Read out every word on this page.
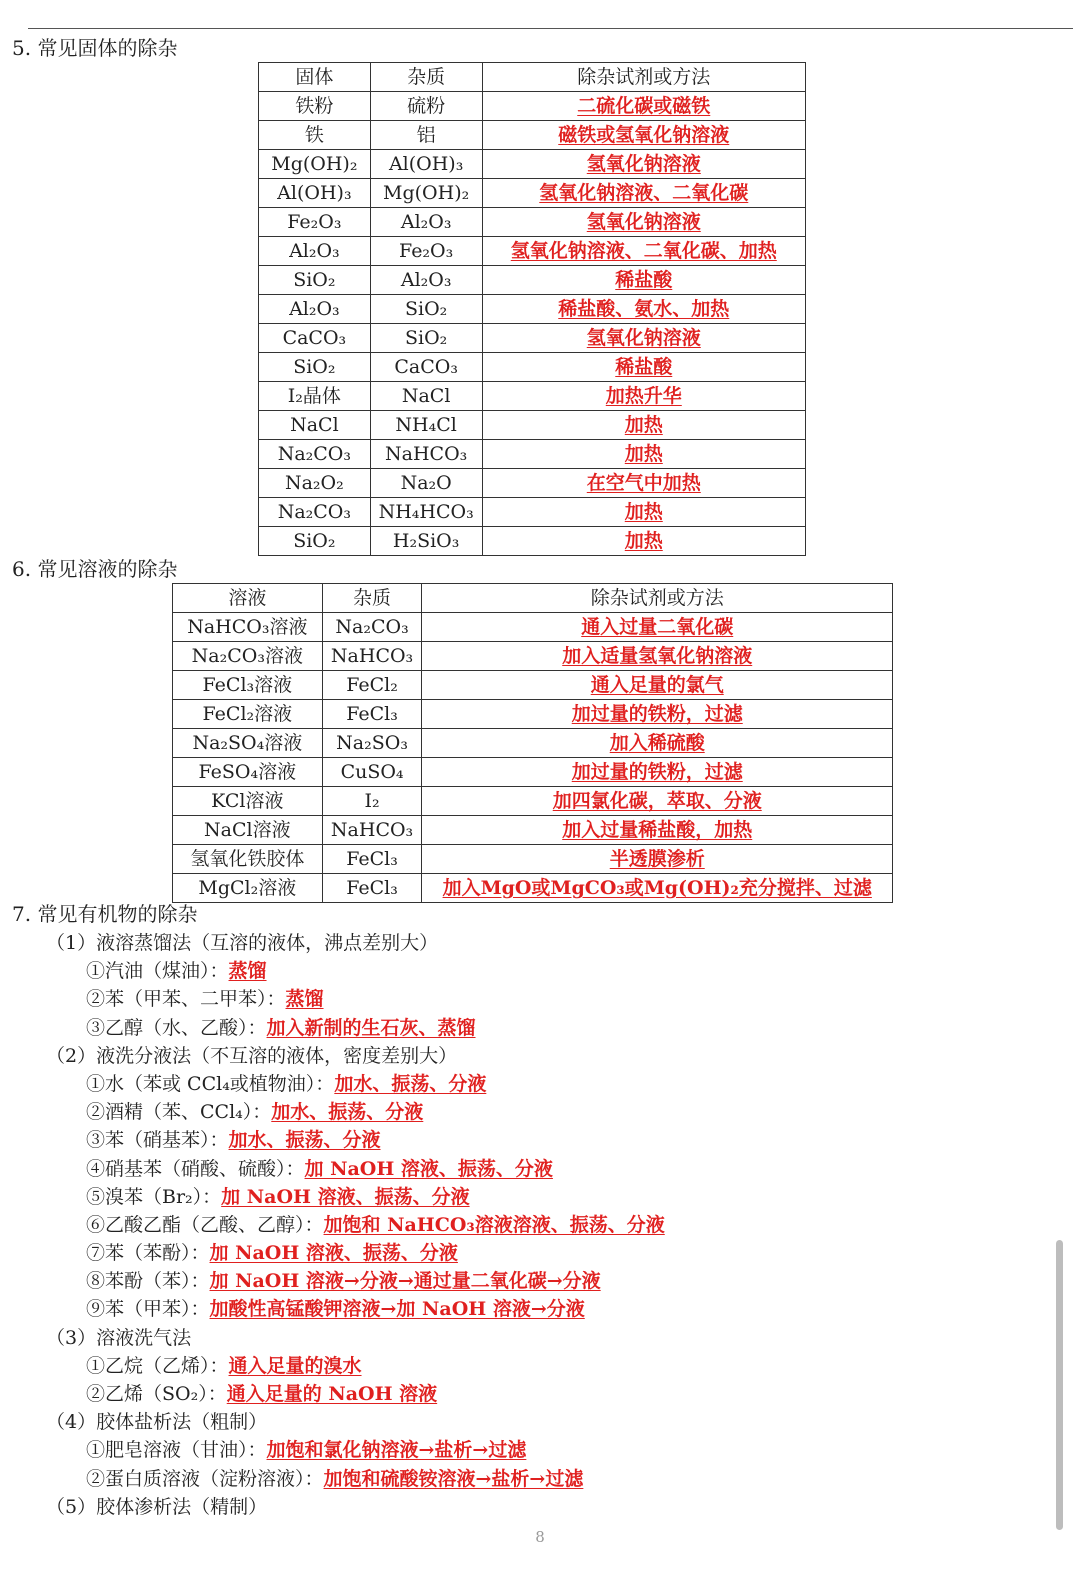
5. 常见固体的除杂
固体	杂质	除杂试剂或方法
铁粉	硫粉	二硫化碳或磁铁
铁	铝	磁铁或氢氧化钠溶液
Mg(OH)₂	Al(OH)₃	氢氧化钠溶液
Al(OH)₃	Mg(OH)₂	氢氧化钠溶液、二氧化碳
Fe₂O₃	Al₂O₃	氢氧化钠溶液
Al₂O₃	Fe₂O₃	氢氧化钠溶液、二氧化碳、加热
SiO₂	Al₂O₃	稀盐酸
Al₂O₃	SiO₂	稀盐酸、氨水、加热
CaCO₃	SiO₂	氢氧化钠溶液
SiO₂	CaCO₃	稀盐酸
I₂晶体	NaCl	加热升华
NaCl	NH₄Cl	加热
Na₂CO₃	NaHCO₃	加热
Na₂O₂	Na₂O	在空气中加热
Na₂CO₃	NH₄HCO₃	加热
SiO₂	H₂SiO₃	加热
6. 常见溶液的除杂
溶液	杂质	除杂试剂或方法
NaHCO₃溶液	Na₂CO₃	通入过量二氧化碳
Na₂CO₃溶液	NaHCO₃	加入适量氢氧化钠溶液
FeCl₃溶液	FeCl₂	通入足量的氯气
FeCl₂溶液	FeCl₃	加过量的铁粉，过滤
Na₂SO₄溶液	Na₂SO₃	加入稀硫酸
FeSO₄溶液	CuSO₄	加过量的铁粉，过滤
KCl溶液	I₂	加四氯化碳，萃取、分液
NaCl溶液	NaHCO₃	加入过量稀盐酸，加热
氢氧化铁胶体	FeCl₃	半透膜渗析
MgCl₂溶液	FeCl₃	加入MgO或MgCO₃或Mg(OH)₂充分搅拌、过滤
7. 常见有机物的除杂
（1）液溶蒸馏法（互溶的液体，沸点差别大）
①汽油（煤油）：蒸馏
②苯（甲苯、二甲苯）：蒸馏
③乙醇（水、乙酸）：加入新制的生石灰、蒸馏
（2）液洗分液法（不互溶的液体，密度差别大）
①水（苯或 CCl₄或植物油）：加水、振荡、分液
②酒精（苯、CCl₄）：加水、振荡、分液
③苯（硝基苯）：加水、振荡、分液
④硝基苯（硝酸、硫酸）：加 NaOH 溶液、振荡、分液
⑤溴苯（Br₂）：加 NaOH 溶液、振荡、分液
⑥乙酸乙酯（乙酸、乙醇）：加饱和 NaHCO₃溶液溶液、振荡、分液
⑦苯（苯酚）：加 NaOH 溶液、振荡、分液
⑧苯酚（苯）：加 NaOH 溶液→分液→通过量二氧化碳→分液
⑨苯（甲苯）：加酸性高锰酸钾溶液→加 NaOH 溶液→分液
（3）溶液洗气法
①乙烷（乙烯）：通入足量的溴水
②乙烯（SO₂）：通入足量的 NaOH 溶液
（4）胶体盐析法（粗制）
①肥皂溶液（甘油）：加饱和氯化钠溶液→盐析→过滤
②蛋白质溶液（淀粉溶液）：加饱和硫酸铵溶液→盐析→过滤
（5）胶体渗析法（精制）
8
